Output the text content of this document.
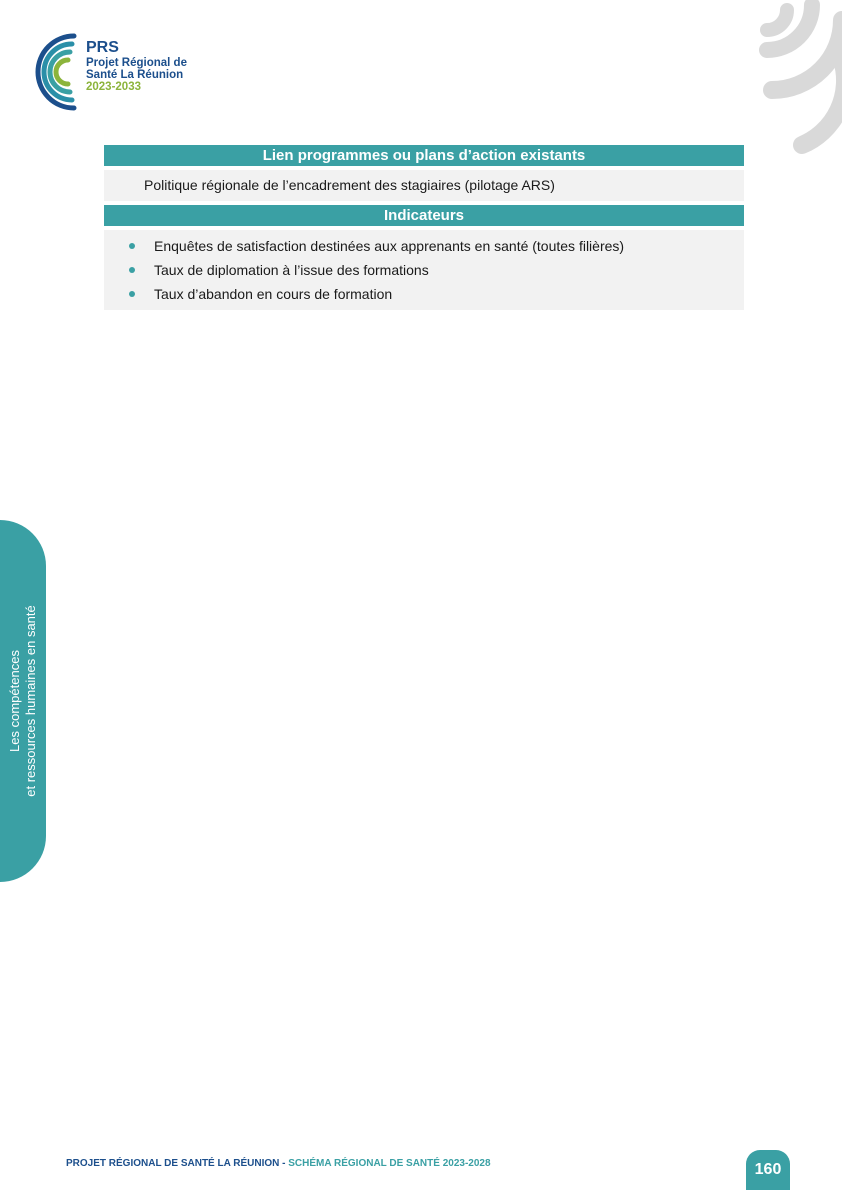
PRS
Projet Régional de
Santé La Réunion
2023-2033
Lien programmes ou plans d’action existants
Politique régionale de l’encadrement des stagiaires (pilotage ARS)
Indicateurs
Enquêtes de satisfaction destinées aux apprenants en santé (toutes filières)
Taux de diplomation à l’issue des formations
Taux d’abandon en cours de formation
Les compétences et ressources humaines en santé
PROJET RÉGIONAL DE SANTÉ LA RÉUNION - SCHÉMA RÉGIONAL DE SANTÉ 2023-2028	160
